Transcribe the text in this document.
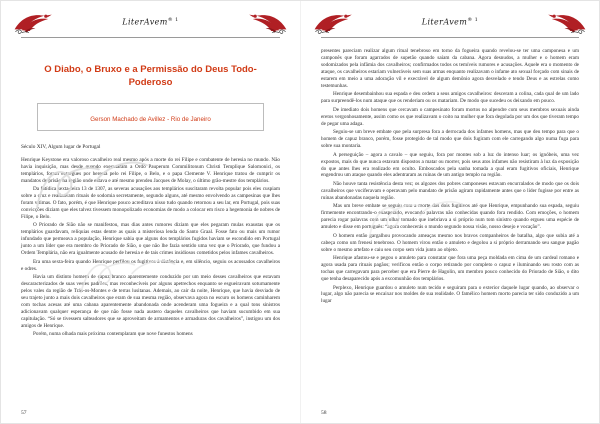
LiterAvem$^{® 1}$
O Diabo, o Bruxo e a Permissão do Deus Todo-Poderoso
Gerson Machado de Avillez - Rio de Janeiro
Século XIV, Algum lugar de Portugal

Henrique Keystone era valoroso cavalheiro real mesmo após a morte do rei Filipe e combatente de heresia no mundo. Não havia inquisição, mas desde quando executaram a Ordo Pauperum Commilitonum Christi Templique Salomonici, os templários, foram entregues por heresia pelo rei Filipe, o Belo, e o papa Clemente V. Henrique tratou de cumprir os mandatos de prisão na região onde estava e até mesmo prendeu Jacques de Molay, o último grão-mestre dos templários.

Da fatídica sexta-feira 13 de 1307, as severas acusações aos templários suscitaram revolta popular pois eles cuspiam sobre a cruz e realizavam rituais de sodomia secretamente, segundo alguns, até mesmo envolvendo as campesinas que lhes foram vítimas. O fato, porém, é que Henrique pouco acreditava nisso tudo quando retornou a seu lar, em Portugal, pois suas convicções diziam que eles talvez tivessem monopolizado economias de modo a colocar em risco a hegemonia de nobres de Filipe, o Belo.

O Priorado de Sião não se manifestou, mas dias antes rumores diziam que eles pegaram mulas exaustas que os templários guardavam, relíquias estas dentre as quais a misteriosa lenda do Santo Graal. Fosse fato ou mais um rumor infundado que permeava a população, Henrique sabia que alguns dos templários fugidos haviam se escondido em Portugal junto a um líder que era membro do Priorado de Sião, o que não lhe fazia sentido uma vez que o Priorado, que fundou a Ordem Templária, não era igualmente acusado de heresia e de tais crimes insidiosos cometidos pelos infames cavalheiros.

Era uma sexta-feira quando Henrique perfilou os fugitivos à distância e, em silêncio, seguiu os acossados cavalheiros e odres.

Havia um distinto homem de capuz branco aparentemente conduzido por um meio desses cavalheiros que estavam descaracterizados de suas vestes padrões, mas reconhecíveis por alguns apetrechos enquanto se esgueiravam soturnamente pelos vales da região de Trás-os-Montes e de terras lusitanas. Ademais, ao cair da noite, Henrique, que havia desviado de seu trajeto junto a mais dois cavalheiros que eram de sua mesma região, observava agora no escuro os homens caminharem com tochas acesas até uma cabana aparentemente abandonada onde acenderam uma fogueira e a qual tons sinistros adicionavam qualquer esperança de que não fosse nada austero daqueles cavalheiros que haviam sucumbido em sua capitulação. “Só se tivessem salteadores que se aproveitam de armamentos e armaduras dos cavalheiros”, instigou um dos amigos de Henrique.

Porém, numa olhada mais próxima contemplaram que nove funestos homens

57
LiterAvem$^{® 1}$

presentes pareciam realizar algum ritual tenebroso em torno da fogueira quando revelou-se ter uma camponesa e um camponês que foram agarrados de supetão quando saíam da cabana. Agora desnudos, a mulher e o homem eram sodomizados pela infâmia dos cavalheiros; confirmados todos os temíveis rumores e acusações. Aquele era o momento de ataque, os cavalheiros estariam vulneráveis sem suas armas enquanto realizavam o infame ato sexual forçado com sinais de estarem em meio a uma adoração vil e execrável de algum demônio agora desvelado e tendo Deus e as estrelas como testemunhas.

Henrique desembainhou sua espada e deu ordem a seus amigos cavalheiros: desceram a colina, cada qual de um lado para surpreendê-los num ataque que os renderiam ou os matariam. De modo que sucedeu os deixando em pouco.

De imediato dois homens que cercavam o campesinato foram mortos no alpendre com seus membros sexuais ainda eretos vergonhosamente, assim como os que realizavam o coito na mulher que fora degolada por um dos que tiveram tempo de pegar uma adaga.

Seguiu-se um breve embate que pela surpresa fora a derrocada dos infames homens, mas que deu tempo para que o homem de capuz branco, porém, fosse protegido de tal modo que dois fugiram com ele carregando algo numa fuga para sobre sua montaria.

A perseguição – agora a cavalo – que seguiu, fora por montes sob a luz do intenso luar; os ignóbeis, uma vez expostos, mais do que nunca estavam dispostos a matar ou morrer, pois seus atos infames não resistiram à luz da exposição do que antes lhes era realizado em oculto. Emboscados pela sanha tomada a qual eram fugitivos oficiais, Henrique engendrou um ataque quando eles adentraram as ruínas de um antigo templo na região.

Não houve tanta resistência desta vez; os algozes dos pobres camponeses estavam encurralados de modo que os dois cavalheiros que vociferavam e operavam pelo mandato de prisão agiram rapidamente antes que o líder fugisse por entre as ruínas abandonadas naquela região.

Mas um breve embate se seguiu com a morte dos dois fugitivos até que Henrique, empunhando sua espada, seguiu firmemente encontrando-o exasperado, evocando palavras não conhecidas quando fora rendido. Com emoções, o homem parecia rogar palavras com um olhar tomado que inebriava a si próprio num tom sinistro quando ergueu uma espécie de amuleto e disse em português: “agora conhecerás o mundo segundo nossa visão, nosso desejo e vocação”.

O homem então gargalhou provocando ameaças mesmo nos bravos companheiros de batalha, algo que subia até a cabeça como um frenesi tenebroso. O homem virou então o amuleto e degolou a si próprio derramando seu sangue pagão sobre o mesmo artefato e caiu seu corpo sem vida junto ao objeto.

Henrique afastou-se e pegou o amuleto para constatar que fora uma peça moldada em cima de um cardeal romano e agora usada para rituais pagãos; verificou então o corpo retirando por completo o capuz e iluminando seu rosto com as tochas que carregavam para perceber que era Pierre de Hagolin, um membro pouco conhecido do Priorado de Sião, o dito que tenha desaparecido após a excomunhão dos templários.

Perplexo, Henrique guardou o amuleto num tecido e seguiram para o exterior daquele lugar quando, ao observar o lugar, algo não parecia se encaixar nos moldes de sua realidade. O famélico homem morto parecia ter sido conduzido a um lugar

58
